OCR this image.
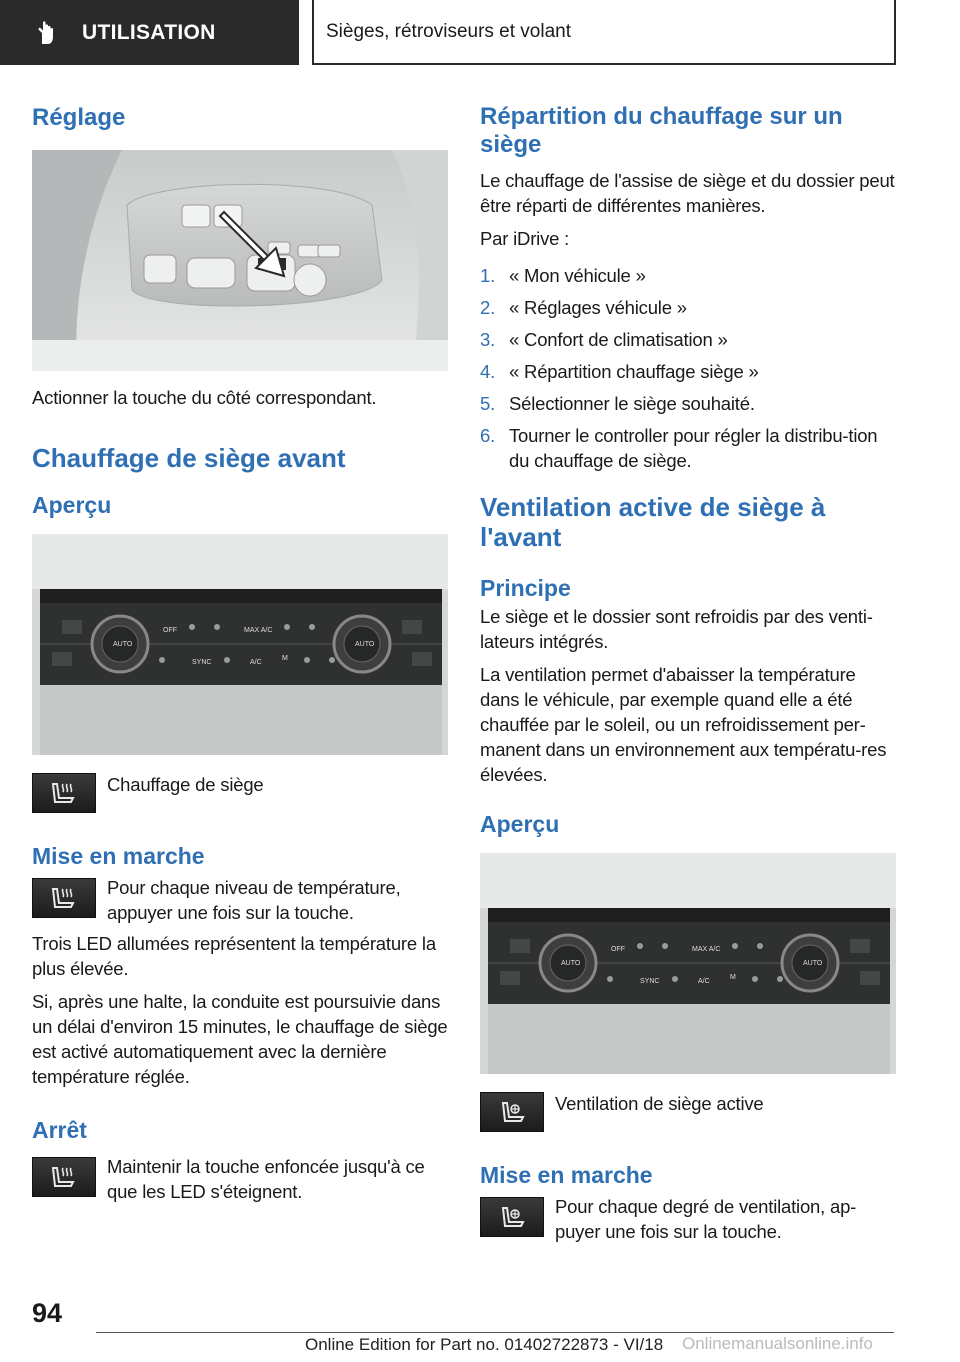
UTILISATION	Sièges, rétroviseurs et volant
Réglage

Actionner la touche du côté correspondant.

Chauffage de siège avant
Aperçu
AUTO	AUTO
OFF	MAX A/C
SYNC	A/C
M

Chauffage de siège

Mise en marche

Pour chaque niveau de température, appuyer une fois sur la touche.

Trois LED allumées représentent la température la plus élevée.

Si, après une halte, la conduite est poursuivie dans un délai d'environ 15 minutes, le chauffage de siège est activé automatiquement avec la dernière température réglée.

Arrêt

Maintenir la touche enfoncée jusqu'à ce que les LED s'éteignent.

Répartition du chauffage sur un siège

Le chauffage de l'assise de siège et du dossier peut être réparti de différentes manières.

Par iDrive :

1. « Mon véhicule »
2. « Réglages véhicule »
3. « Confort de climatisation »
4. « Répartition chauffage siège »
5. Sélectionner le siège souhaité.
6. Tourner le controller pour régler la distribu-tion du chauffage de siège.
Ventilation active de siège à l'avant
Principe

Le siège et le dossier sont refroidis par des venti-lateurs intégrés.

La ventilation permet d'abaisser la température dans le véhicule, par exemple quand elle a été chauffée par le soleil, ou un refroidissement per-manent dans un environnement aux températu-res élevées.

Aperçu
AUTO	AUTO
OFF	MAX A/C
SYNC	A/C
M

Ventilation de siège active

Mise en marche

Pour chaque degré de ventilation, ap-puyer une fois sur la touche.

94
Online Edition for Part no. 01402722873 - VI/18 Onlinemanualsonline.info
